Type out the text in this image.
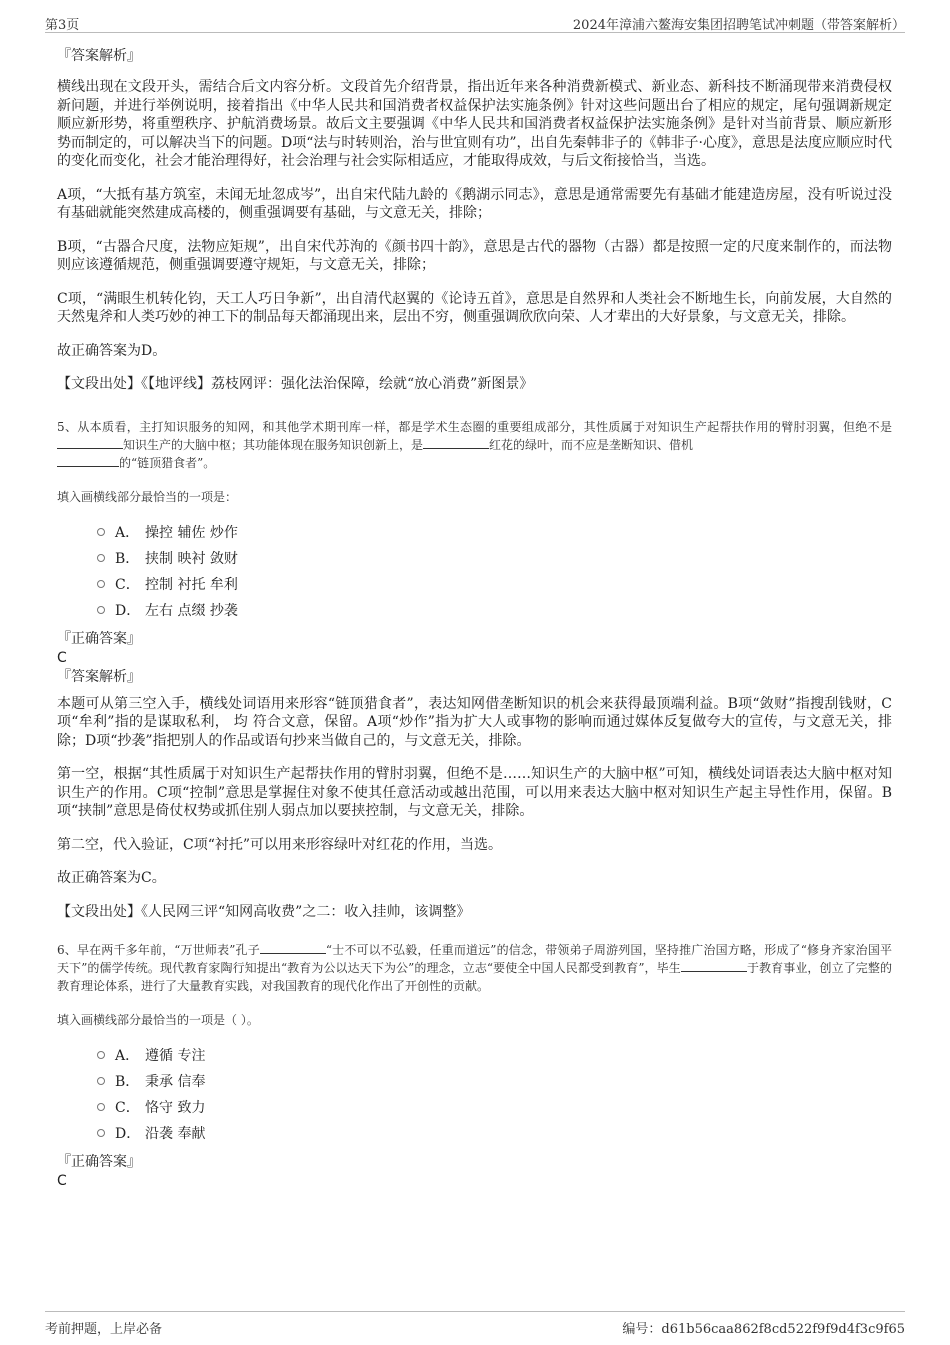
第3页	2024年漳浦六鳌海安集团招聘笔试冲刺题（带答案解析）

『答案解析』

横线出现在文段开头，需结合后文内容分析。文段首先介绍背景，指出近年来各种消费新模式、新业态、新科技不断涌现带来消费侵权新问题，并进行举例说明，接着指出《中华人民共和国消费者权益保护法实施条例》针对这些问题出台了相应的规定，尾句强调新规定顺应新形势，将重塑秩序、护航消费场景。故后文主要强调《中华人民共和国消费者权益保护法实施条例》是针对当前背景、顺应新形势而制定的，可以解决当下的问题。D项“法与时转则治，治与世宜则有功”，出自先秦韩非子的《韩非子·心度》，意思是法度应顺应时代的变化而变化，社会才能治理得好，社会治理与社会实际相适应，才能取得成效，与后文衔接恰当，当选。

A项，“大抵有基方筑室，未闻无址忽成岑”，出自宋代陆九龄的《鹅湖示同志》，意思是通常需要先有基础才能建造房屋，没有听说过没有基础就能突然建成高楼的，侧重强调要有基础，与文意无关，排除；

B项，“古器合尺度，法物应矩规”，出自宋代苏洵的《颜书四十韵》，意思是古代的器物（古器）都是按照一定的尺度来制作的，而法物则应该遵循规范，侧重强调要遵守规矩，与文意无关，排除；

C项，“满眼生机转化钧，天工人巧日争新”，出自清代赵翼的《论诗五首》，意思是自然界和人类社会不断地生长，向前发展，大自然的天然鬼斧和人类巧妙的神工下的制品每天都涌现出来，层出不穷，侧重强调欣欣向荣、人才辈出的大好景象，与文意无关，排除。

故正确答案为D。

【文段出处】《【地评线】荔枝网评：强化法治保障，绘就“放心消费”新图景》

5、从本质看，主打知识服务的知网，和其他学术期刊库一样，都是学术生态圈的重要组成部分，其性质属于对知识生产起帮扶作用的臂肘羽翼，但绝不是知识生产的大脑中枢；其功能体现在服务知识创新上，是	红花的绿叶，而不应是垄断知识、借机
的“链顶猎食者”。

填入画横线部分最恰当的一项是：

A． 操控 辅佐 炒作
B． 挟制 映衬 敛财
C． 控制 衬托 牟利
D． 左右 点缀 抄袭

『正确答案』

C

『答案解析』

本题可从第三空入手，横线处词语用来形容“链顶猎食者”，表达知网借垄断知识的机会来获得最顶端利益。B项“敛财”指搜刮钱财，C项“牟利”指的是谋取私利， 均 符合文意，保留。A项“炒作”指为扩大人或事物的影响而通过媒体反复做夸大的宣传，与文意无关，排除；D项“抄袭”指把别人的作品或语句抄来当做自己的，与文意无关，排除。

第一空，根据“其性质属于对知识生产起帮扶作用的臂肘羽翼，但绝不是……知识生产的大脑中枢”可知，横线处词语表达大脑中枢对知识生产的作用。C项“控制”意思是掌握住对象不使其任意活动或越出范围，可以用来表达大脑中枢对知识生产起主导性作用，保留。B项“挟制”意思是倚仗权势或抓住别人弱点加以要挟控制，与文意无关，排除。

第二空，代入验证，C项“衬托”可以用来形容绿叶对红花的作用，当选。

故正确答案为C。

【文段出处】《人民网三评“知网高收费”之二：收入挂帅，该调整》

6、早在两千多年前，“万世师表”孔子	“士不可以不弘毅，任重而道远”的信念，带领弟子周游列国，坚持推广治国方略，形成了“修身齐家治国平天下”的儒学传统。现代教育家陶行知提出“教育为公以达天下为公”的理念，立志“要使全中国人民都受到教育”，毕生	于教育事业，创立了完整的教育理论体系，进行了大量教育实践，对我国教育的现代化作出了开创性的贡献。

填入画横线部分最恰当的一项是（ ）。

A． 遵循 专注
B． 秉承 信奉
C． 恪守 致力
D． 沿袭 奉献

『正确答案』

C

考前押题，上岸必备	编号：d61b56caa862f8cd522f9f9d4f3c9f65
